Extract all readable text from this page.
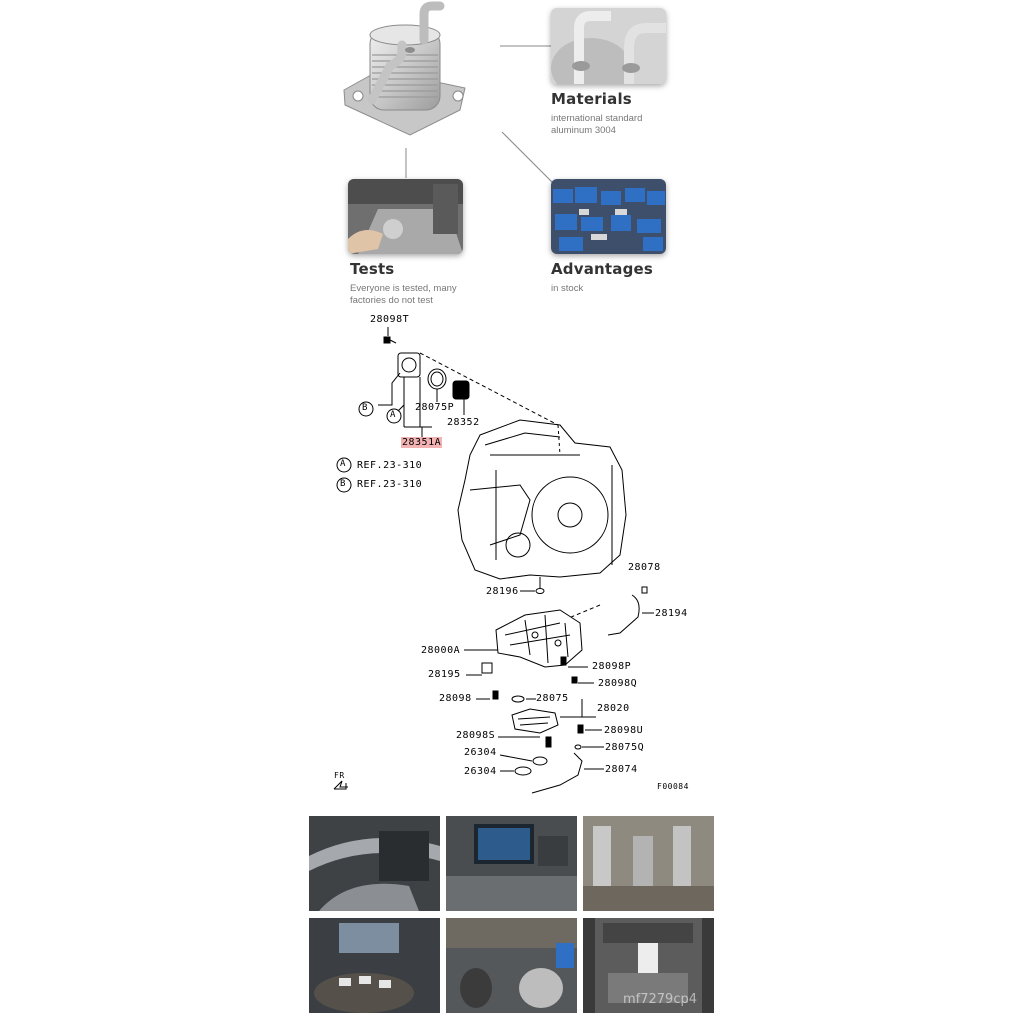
Materials
international standard
aluminum 3004
Tests
Everyone is tested, many
factories do not test
Advantages
in stock
28098T
28075P
28352
28351A
B
A
A REF.23-310
B REF.23-310
28078
28194
28196
28000A
28195
28098P
28098Q
28098	28075
28020
28098U
28098S
26304
26304
28075Q
28074
FR
F00084
mf7279cp4
